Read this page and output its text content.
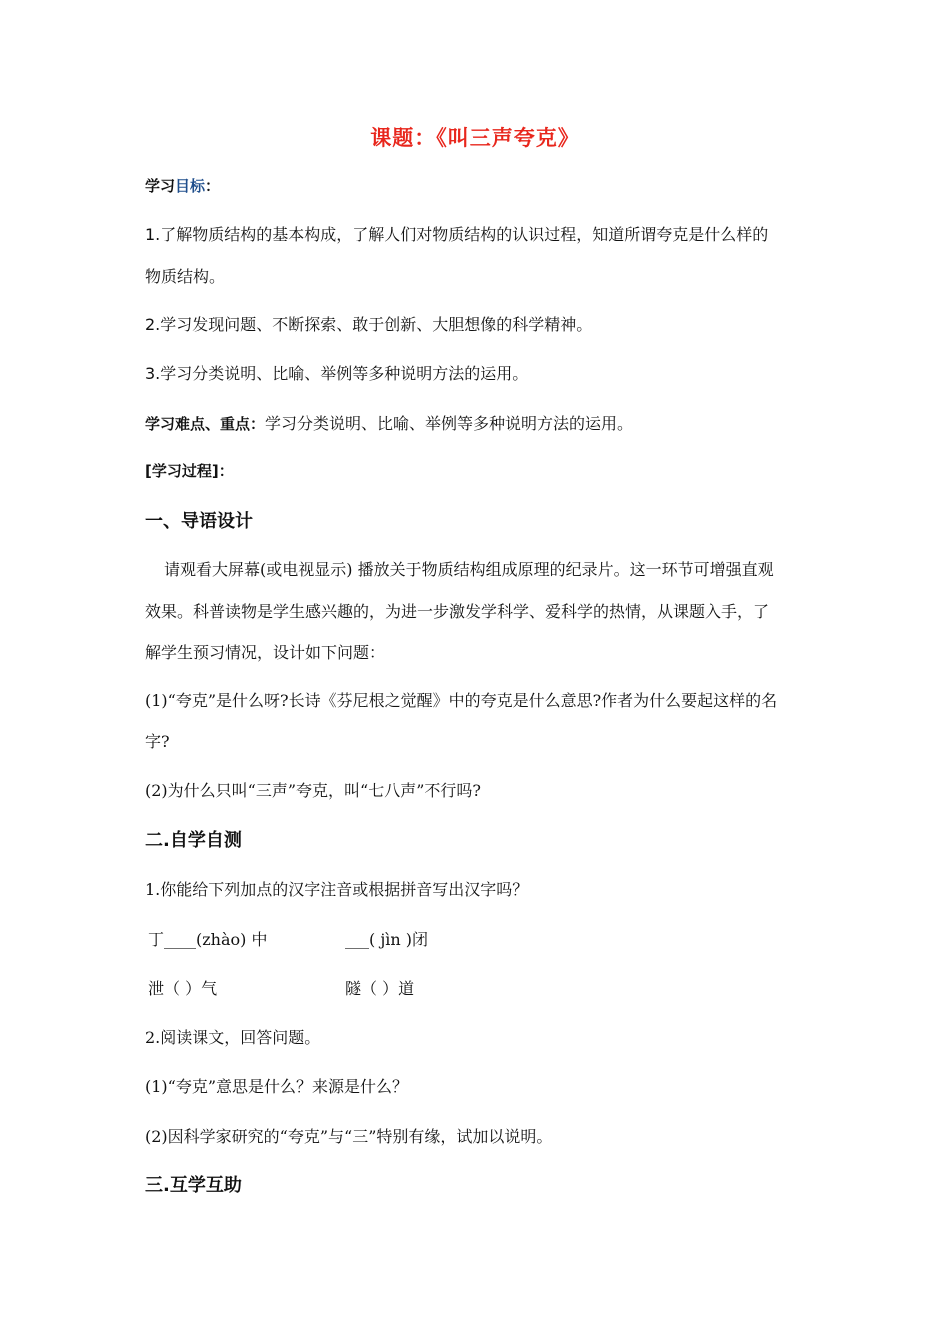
课题：《叫三声夸克》
学习目标：
1.了解物质结构的基本构成，了解人们对物质结构的认识过程，知道所谓夸克是什么样的
物质结构。
2.学习发现问题、不断探索、敢于创新、大胆想像的科学精神。
3.学习分类说明、比喻、举例等多种说明方法的运用。
学习难点、重点：学习分类说明、比喻、举例等多种说明方法的运用。
[学习过程]：
一、导语设计
请观看大屏幕(或电视显示) 播放关于物质结构组成原理的纪录片。这一环节可增强直观
效果。科普读物是学生感兴趣的，为进一步激发学科学、爱科学的热情，从课题入手，了
解学生预习情况，设计如下问题：
(1)“夸克”是什么呀?长诗《芬尼根之觉醒》中的夸克是什么意思?作者为什么要起这样的名
字?
(2)为什么只叫“三声”夸克，叫“七八声”不行吗?
二.自学自测
1.你能给下列加点的汉字注音或根据拼音写出汉字吗？
丁____(zhào) 中	___( jìn )闭
泄（ ）气	隧（ ）道
2.阅读课文，回答问题。
(1)“夸克”意思是什么？来源是什么？
(2)因科学家研究的“夸克”与“三”特别有缘，试加以说明。
三.互学互助
